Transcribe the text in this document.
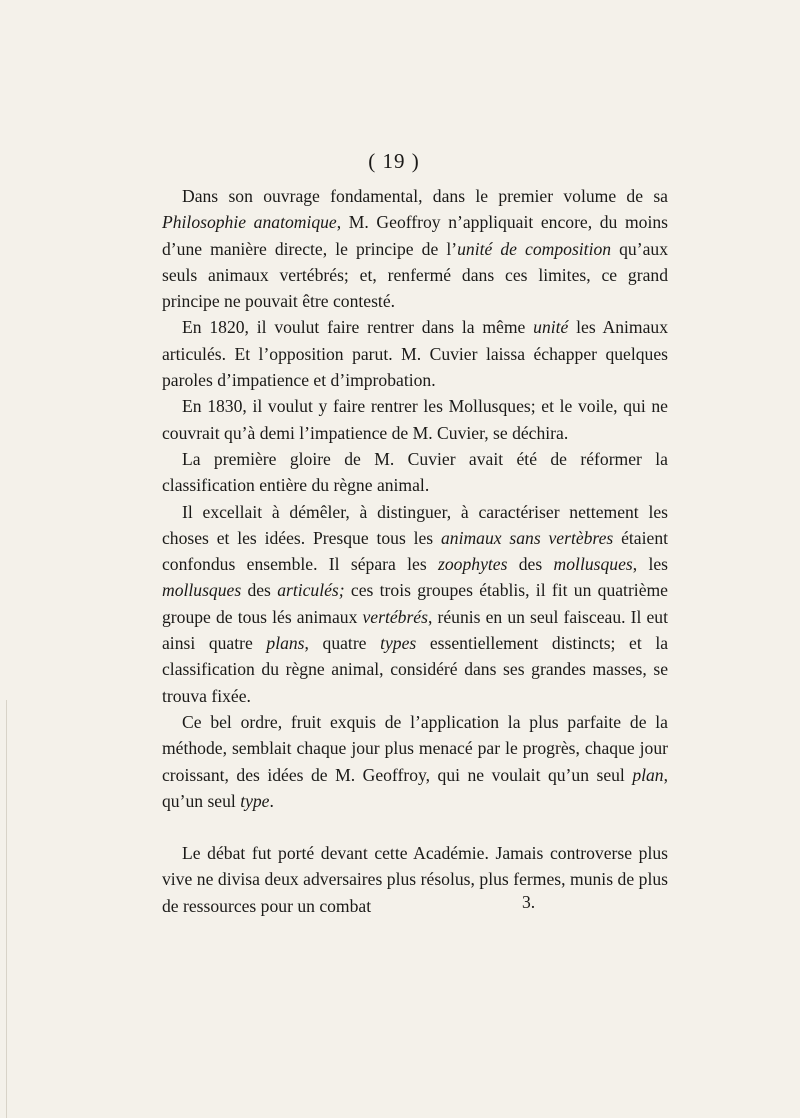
( 19 )

Dans son ouvrage fondamental, dans le premier volume de sa Philosophie anatomique, M. Geoffroy n’appliquait encore, du moins d’une manière directe, le principe de l’unité de composition qu’aux seuls animaux vertébrés; et, renfermé dans ces limites, ce grand principe ne pouvait être contesté.

En 1820, il voulut faire rentrer dans la même unité les Animaux articulés. Et l’opposition parut. M. Cuvier laissa échapper quelques paroles d’impatience et d’improbation.

En 1830, il voulut y faire rentrer les Mollusques; et le voile, qui ne couvrait qu’à demi l’impatience de M. Cuvier, se déchira.

La première gloire de M. Cuvier avait été de réformer la classification entière du règne animal.

Il excellait à démêler, à distinguer, à caractériser nettement les choses et les idées. Presque tous les animaux sans vertèbres étaient confondus ensemble. Il sépara les zoophytes des mollusques, les mollusques des articulés; ces trois groupes établis, il fit un quatrième groupe de tous lés animaux vertébrés, réunis en un seul faisceau. Il eut ainsi quatre plans, quatre types essentiellement distincts; et la classification du règne animal, considéré dans ses grandes masses, se trouva fixée.

Ce bel ordre, fruit exquis de l’application la plus parfaite de la méthode, semblait chaque jour plus menacé par le progrès, chaque jour croissant, des idées de M. Geoffroy, qui ne voulait qu’un seul plan, qu’un seul type.

Le débat fut porté devant cette Académie. Jamais controverse plus vive ne divisa deux adversaires plus résolus, plus fermes, munis de plus de ressources pour un combat	3.
